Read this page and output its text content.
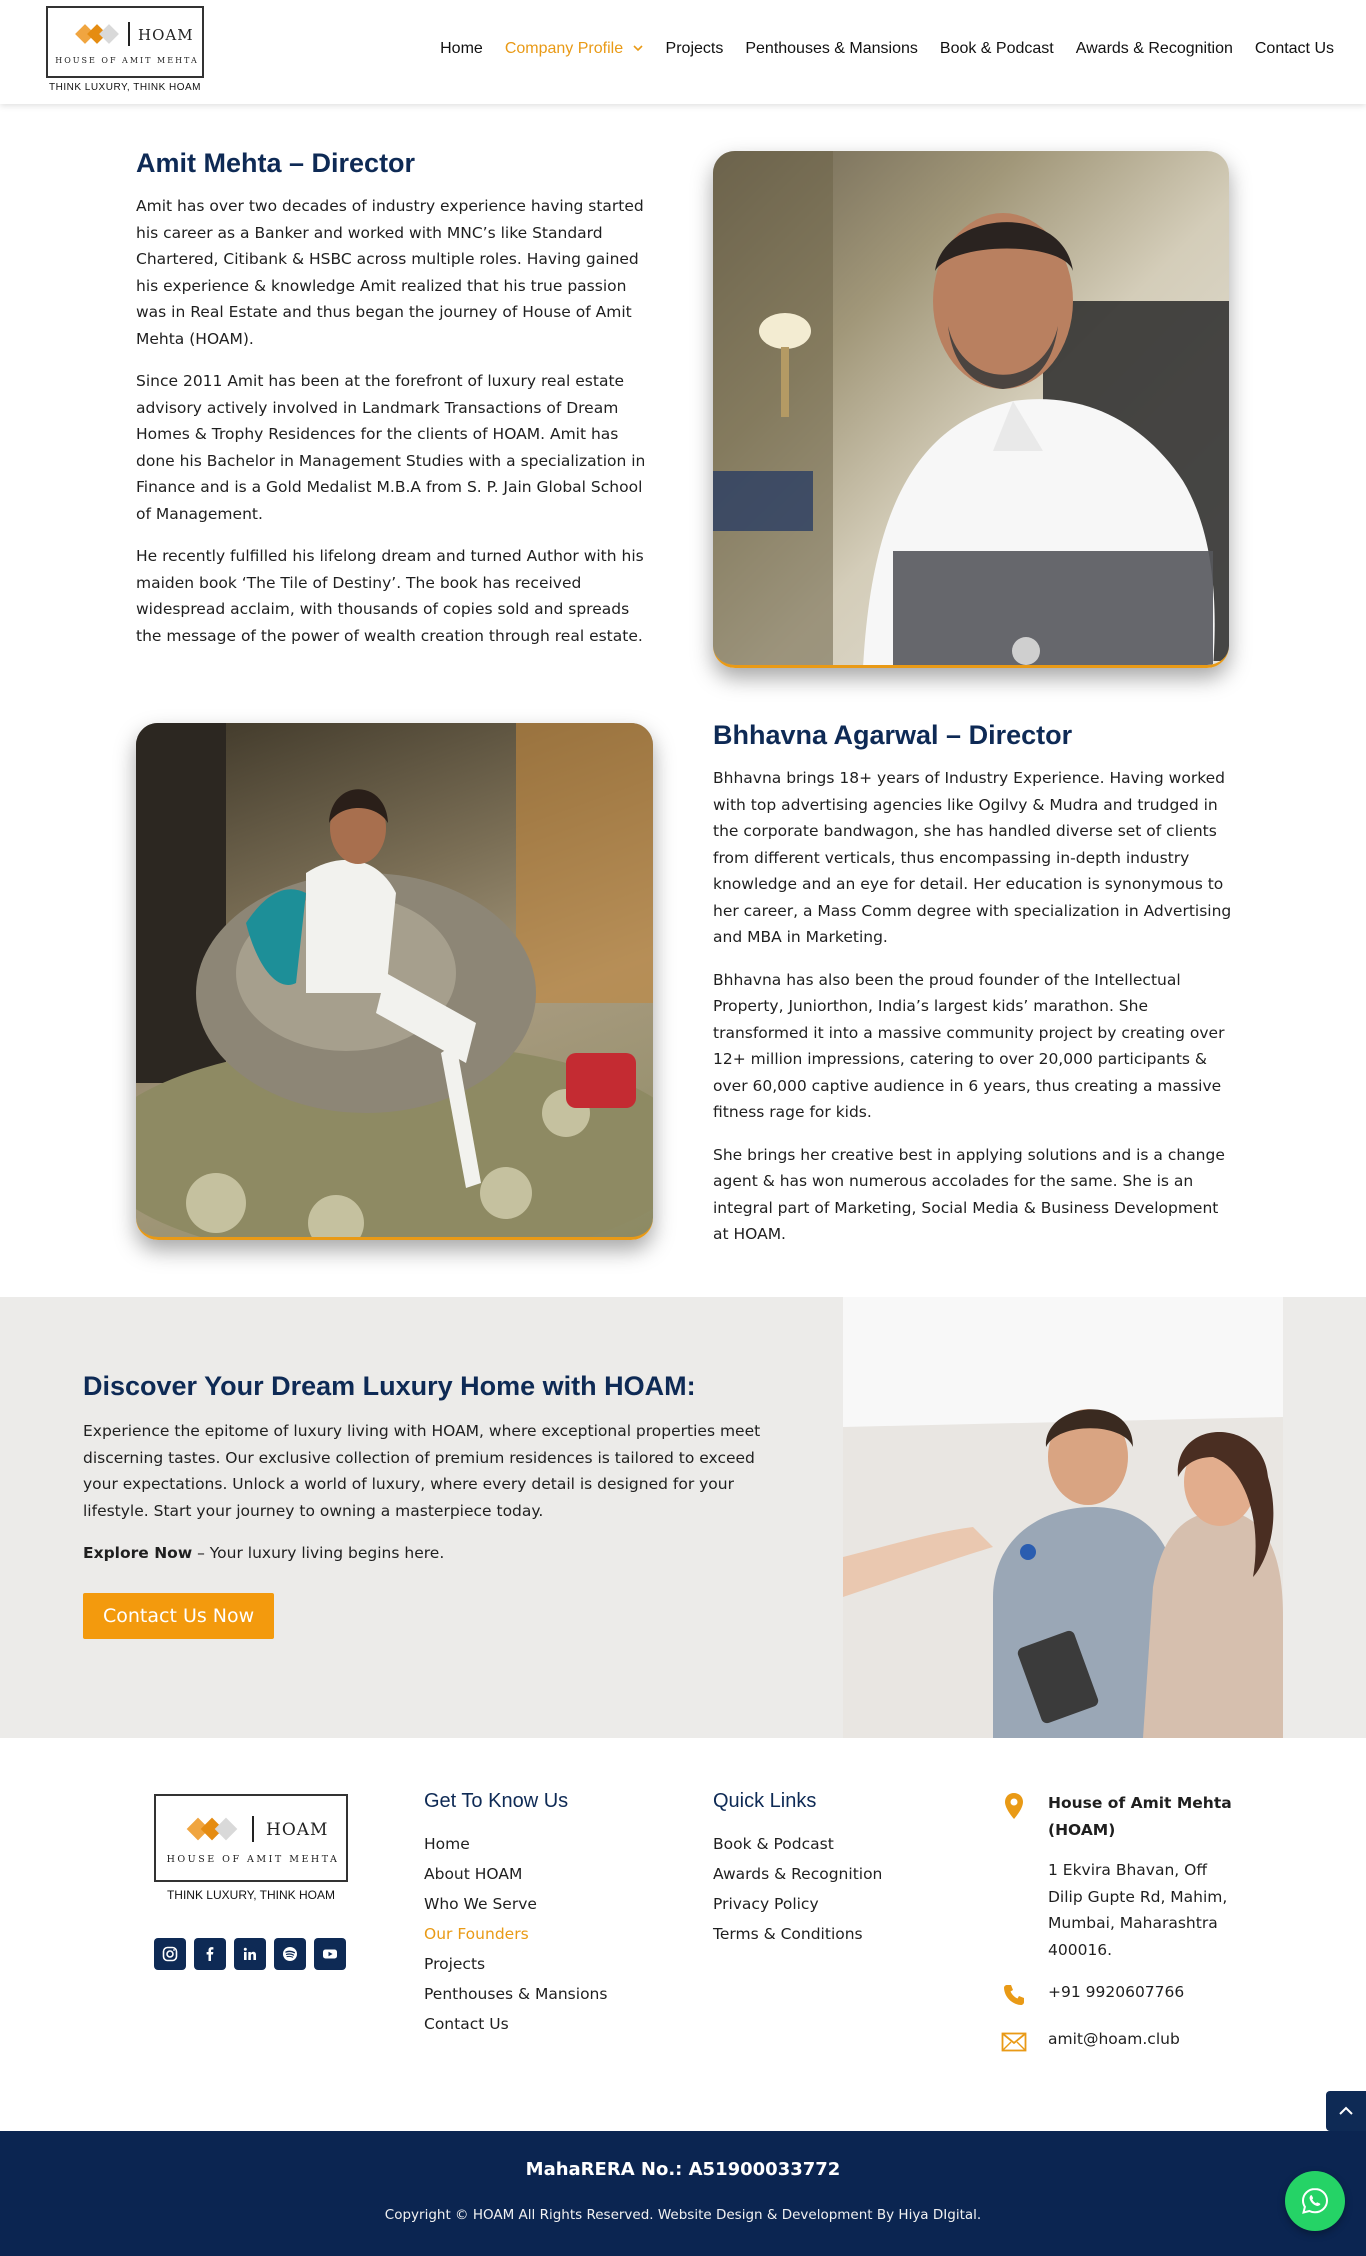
HOAM
HOUSE OF AMIT MEHTA
THINK LUXURY, THINK HOAM
Home Company Profile	Projects Penthouses & Mansions Book & Podcast Awards & Recognition Contact Us
Amit Mehta – Director

Amit has over two decades of industry experience having started his career as a Banker and worked with MNC’s like Standard Chartered, Citibank & HSBC across multiple roles. Having gained his experience & knowledge Amit realized that his true passion was in Real Estate and thus began the journey of House of Amit Mehta (HOAM).

Since 2011 Amit has been at the forefront of luxury real estate advisory actively involved in Landmark Transactions of Dream Homes & Trophy Residences for the clients of HOAM. Amit has done his Bachelor in Management Studies with a specialization in Finance and is a Gold Medalist M.B.A from S. P. Jain Global School of Management.

He recently fulfilled his lifelong dream and turned Author with his maiden book ‘The Tile of Destiny’. The book has received widespread acclaim, with thousands of copies sold and spreads the message of the power of wealth creation through real estate.

Bhhavna Agarwal – Director

Bhhavna brings 18+ years of Industry Experience. Having worked with top advertising agencies like Ogilvy & Mudra and trudged in the corporate bandwagon, she has handled diverse set of clients from different verticals, thus encompassing in-depth industry knowledge and an eye for detail. Her education is synonymous to her career, a Mass Comm degree with specialization in Advertising and MBA in Marketing.

Bhhavna has also been the proud founder of the Intellectual Property, Juniorthon, India’s largest kids’ marathon. She transformed it into a massive community project by creating over 12+ million impressions, catering to over 20,000 participants & over 60,000 captive audience in 6 years, thus creating a massive fitness rage for kids.

She brings her creative best in applying solutions and is a change agent & has won numerous accolades for the same. She is an integral part of Marketing, Social Media & Business Development at HOAM.

Discover Your Dream Luxury Home with HOAM:

Experience the epitome of luxury living with HOAM, where exceptional properties meet discerning tastes. Our exclusive collection of premium residences is tailored to exceed your expectations. Unlock a world of luxury, where every detail is designed for your lifestyle. Start your journey to owning a masterpiece today.

Explore Now – Your luxury living begins here.

Contact Us Now
HOAM
HOUSE OF AMIT MEHTA
THINK LUXURY, THINK HOAM
Get To Know Us
Home
About HOAM
Who We Serve
Our Founders
Projects
Penthouses & Mansions
Contact Us
Quick Links
Book & Podcast
Awards & Recognition
Privacy Policy
Terms & Conditions
House of Amit Mehta (HOAM)
1 Ekvira Bhavan, Off Dilip Gupte Rd, Mahim, Mumbai, Maharashtra 400016.
+91 9920607766
amit@hoam.club
MahaRERA No.: A51900033772
Copyright © HOAM All Rights Reserved. Website Design & Development By Hiya DIgital.
